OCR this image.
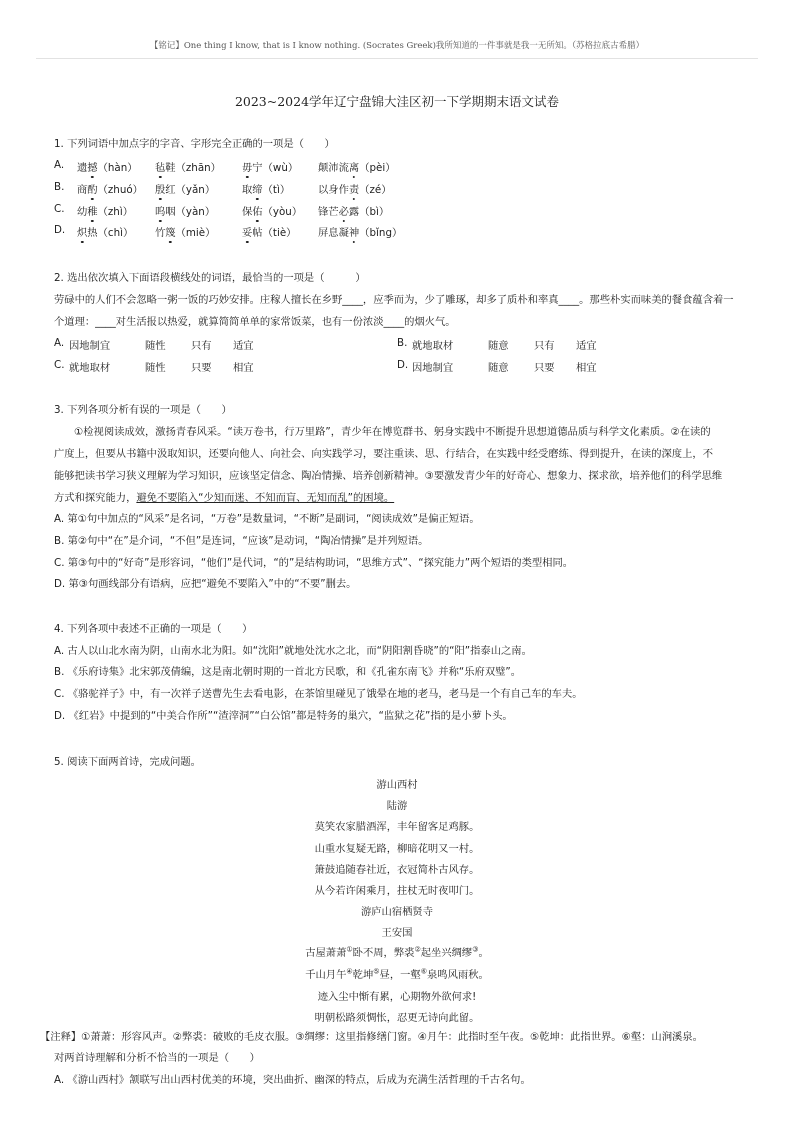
【铭记】One thing I know, that is I know nothing. (Socrates Greek)我所知道的一件事就是我一无所知。（苏格拉底古希腊）
2023~2024学年辽宁盘锦大洼区初一下学期期末语文试卷
1. 下列词语中加点字的字音、字形完全正确的一项是（　　）
A. 遗撼（hàn） 毡鞋（zhān） 毋宁（wù） 颠沛流离（pèi）
B. 商酌（zhuó） 殷红（yǎn）	取缔（tì）	以身作责（zé）
C. 幼稚（zhì） 呜咽（yàn）	保佑（yòu） 锋芒必露（bì）
D. 炽热（chì） 竹篾（miè）	妥帖（tiè） 屏息凝神（bǐng）
2. 选出依次填入下面语段横线处的词语，最恰当的一项是（　　　）
劳碌中的人们不会忽略一粥一饭的巧妙安排。庄稼人擅长在乡野____，应季而为，少了雕琢，却多了质朴和率真____。那些朴实而味美的餐食蕴含着一
个道理：____对生活报以热爱，就算简简单单的家常饭菜，也有一份浓淡____的烟火气。
A. 因地制宜	随性 只有 适宜	B. 就地取材	随意 只有 适宜
C. 就地取材	随性 只要 相宜	D. 因地制宜	随意 只要 相宜
3. 下列各项分析有误的一项是（　　）
①检视阅读成效，激扬青春风采。“读万卷书，行万里路”，青少年在博览群书、躬身实践中不断提升思想道德品质与科学文化素质。②在读的
广度上，但要从书籍中汲取知识，还要向他人、向社会、向实践学习，要注重读、思、行结合，在实践中经受磨练、得到提升，在读的深度上，不
能够把读书学习狭义理解为学习知识，应该坚定信念、陶冶情操、培养创新精神。③要激发青少年的好奇心、想象力、探求欲，培养他们的科学思维
方式和探究能力，避免不要陷入“少知而迷、不知而盲、无知而乱”的困境。
A. 第①句中加点的“风采”是名词，“万卷”是数量词，“不断”是副词，“阅读成效”是偏正短语。
B. 第②句中“在”是介词，“不但”是连词，“应该”是动词，“陶冶情操”是并列短语。
C. 第③句中的“好奇”是形容词，“他们”是代词，“的”是结构助词，“思维方式”、“探究能力”两个短语的类型相同。
D. 第③句画线部分有语病，应把“避免不要陷入”中的“不要”删去。
4. 下列各项中表述不正确的一项是（　　）
A. 古人以山北水南为阴，山南水北为阳。如“沈阳”就地处沈水之北，而“阴阳割昏晓”的“阳”指泰山之南。
B. 《乐府诗集》北宋郭茂倩编，这是南北朝时期的一首北方民歌，和《孔雀东南飞》并称“乐府双璧”。
C. 《骆驼祥子》中，有一次祥子送曹先生去看电影，在茶馆里碰见了饿晕在地的老马，老马是一个有自己车的车夫。
D. 《红岩》中提到的“中美合作所”“渣滓洞”“白公馆”都是特务的巢穴，“监狱之花”指的是小萝卜头。
5. 阅读下面两首诗，完成问题。
游山西村
陆游
莫笑农家腊酒浑，丰年留客足鸡豚。
山重水复疑无路，柳暗花明又一村。
箫鼓追随春社近，衣冠简朴古风存。
从今若许闲乘月，拄杖无时夜叩门。
游庐山宿栖贤寺
王安国
古屋萧萧①卧不周，弊裘②起坐兴绸缪③。
千山月午④乾坤⑤昼，一壑⑥泉鸣风雨秋。
迹入尘中惭有累，心期物外欲何求!
明朝松路须惆怅，忍更无诗向此留。
【注释】①萧萧：形容风声。②弊裘：破败的毛皮衣服。③绸缪：这里指修缮门窗。④月午：此指时至午夜。⑤乾坤：此指世界。⑥壑：山涧溪泉。
对两首诗理解和分析不恰当的一项是（　　）
A. 《游山西村》颔联写出山西村优美的环境，突出曲折、幽深的特点，后成为充满生活哲理的千古名句。
